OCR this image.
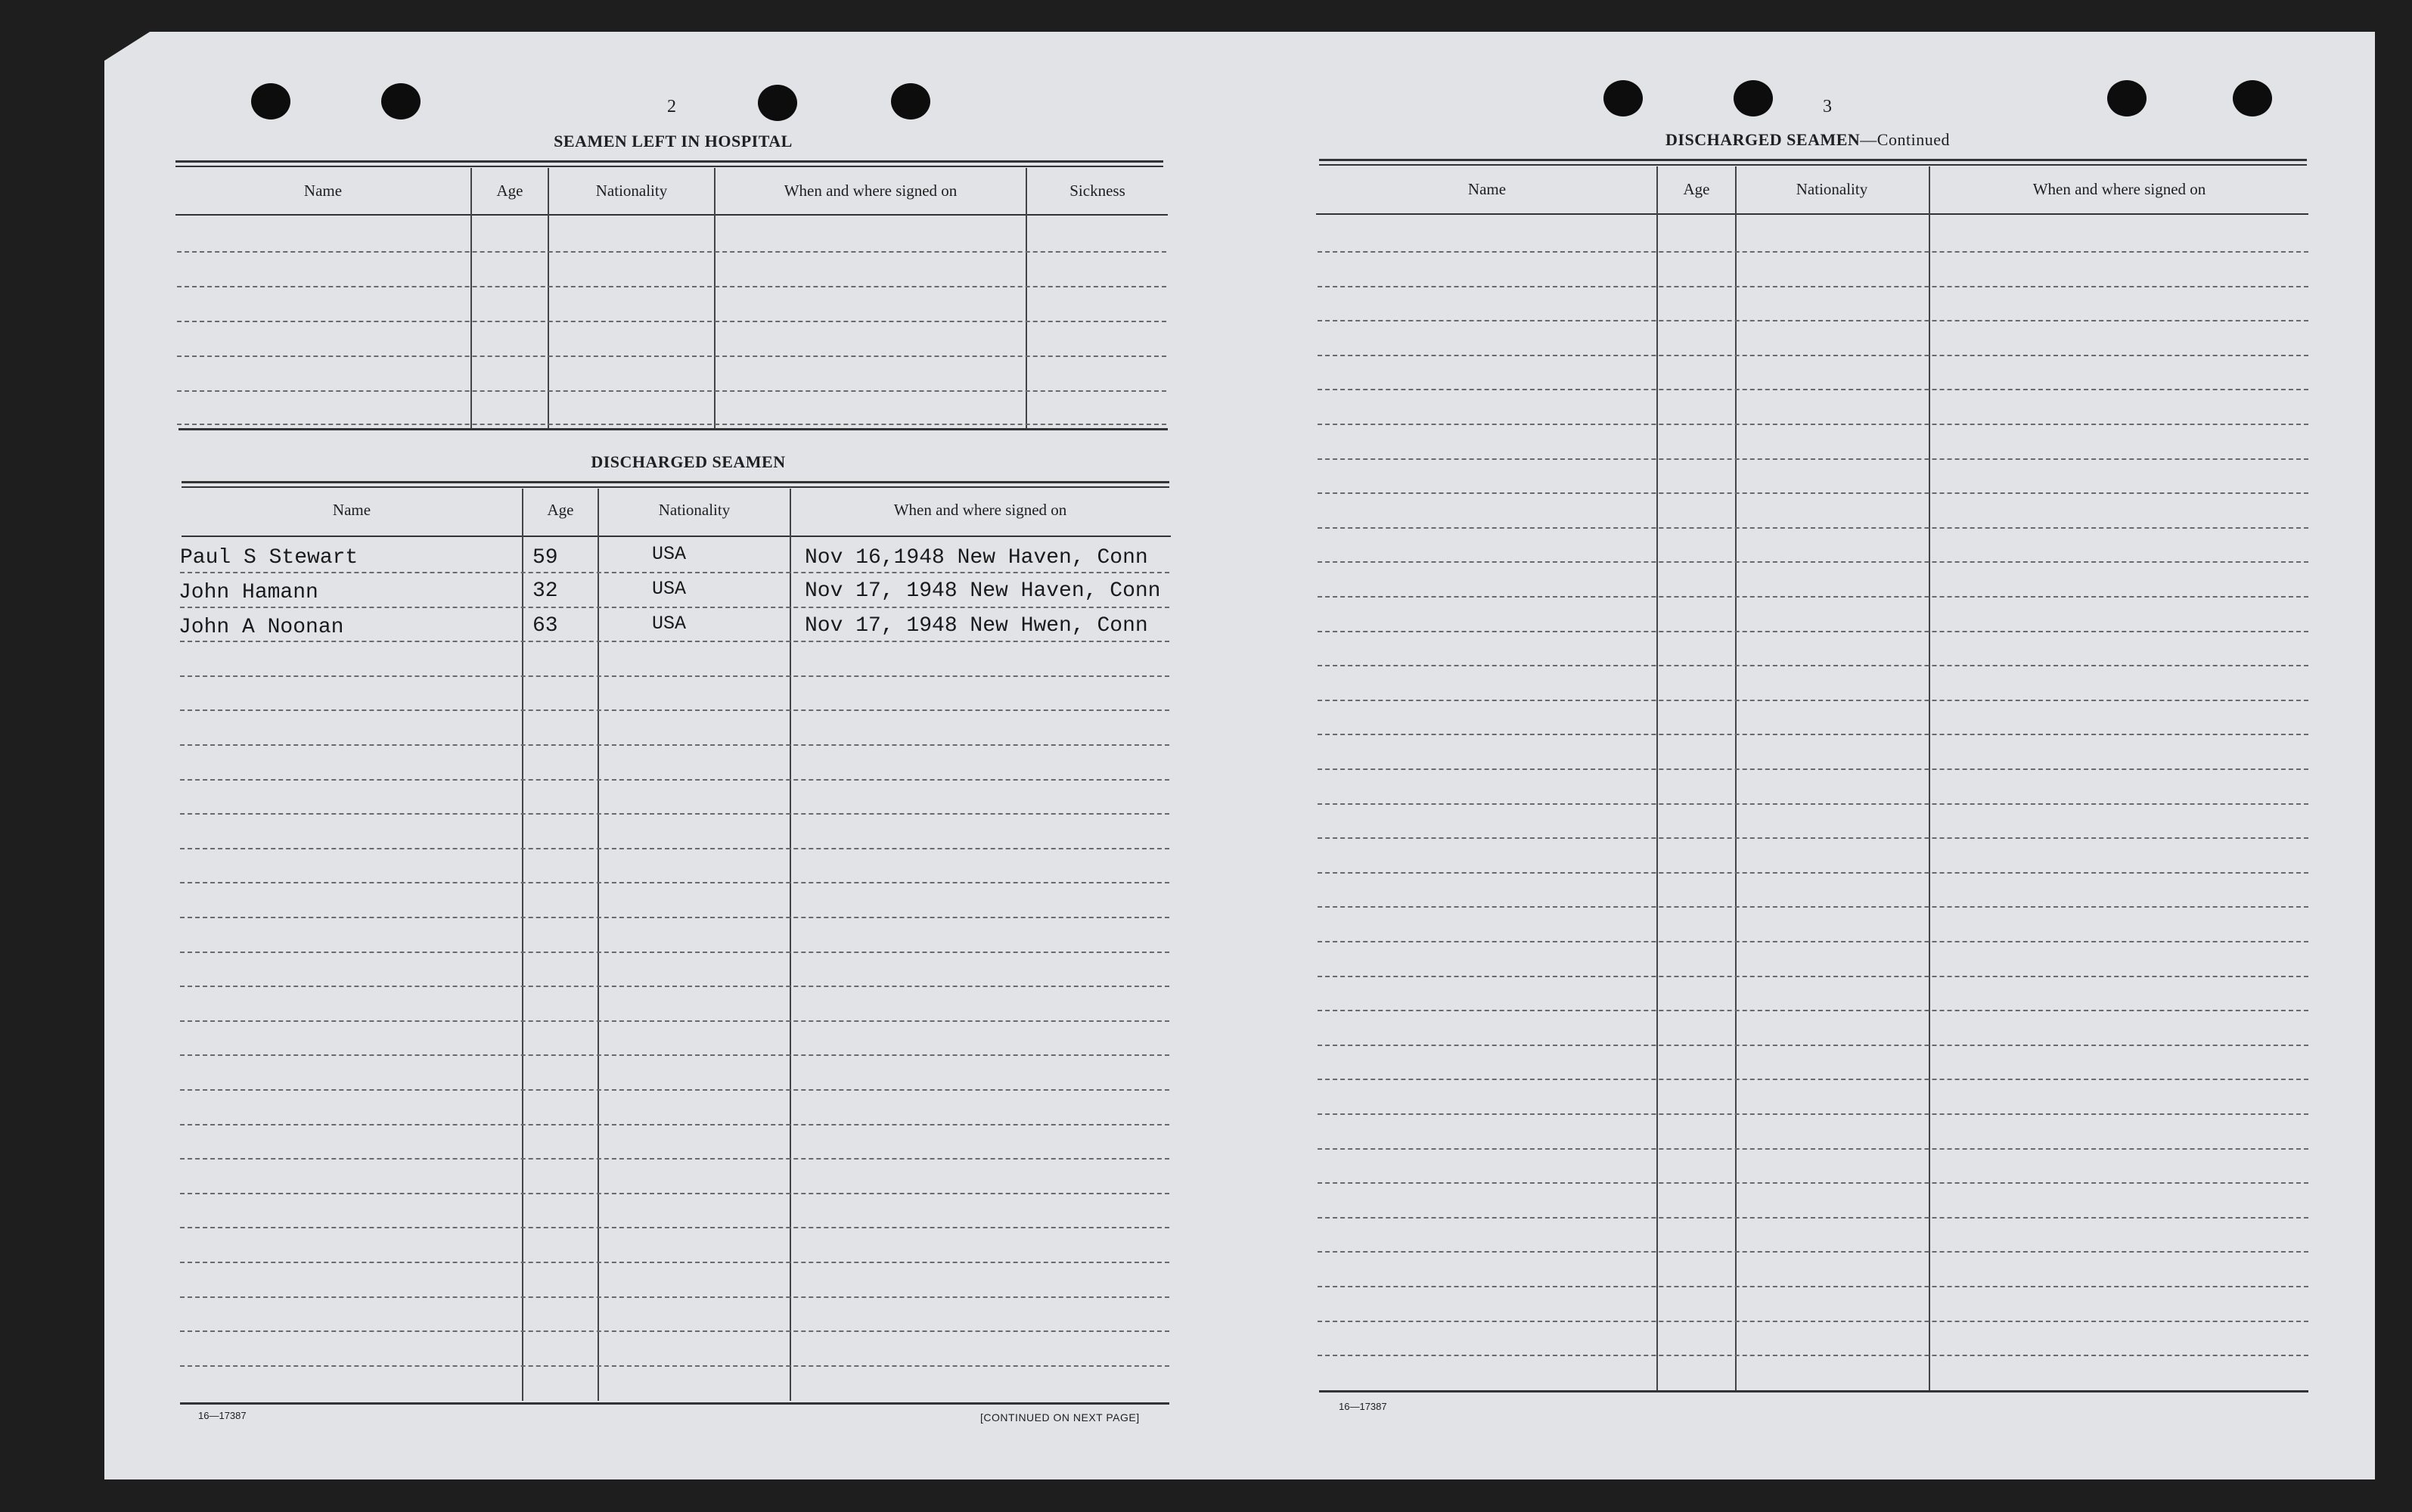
2
SEAMEN LEFT IN HOSPITAL
Name	Age	Nationality	When and where signed on	Sickness
DISCHARGED SEAMEN
Name	Age	Nationality	When and where signed on
Paul S Stewart	59	USA	Nov 16,1948 New Haven, Conn
John Hamann	32	USA	Nov 17, 1948 New Haven, Conn
John A Noonan	63	USA	Nov 17, 1948 New Hwen, Conn
16—17387	[CONTINUED ON NEXT PAGE]
3
DISCHARGED SEAMEN—Continued
Name	Age	Nationality	When and where signed on
16—17387
